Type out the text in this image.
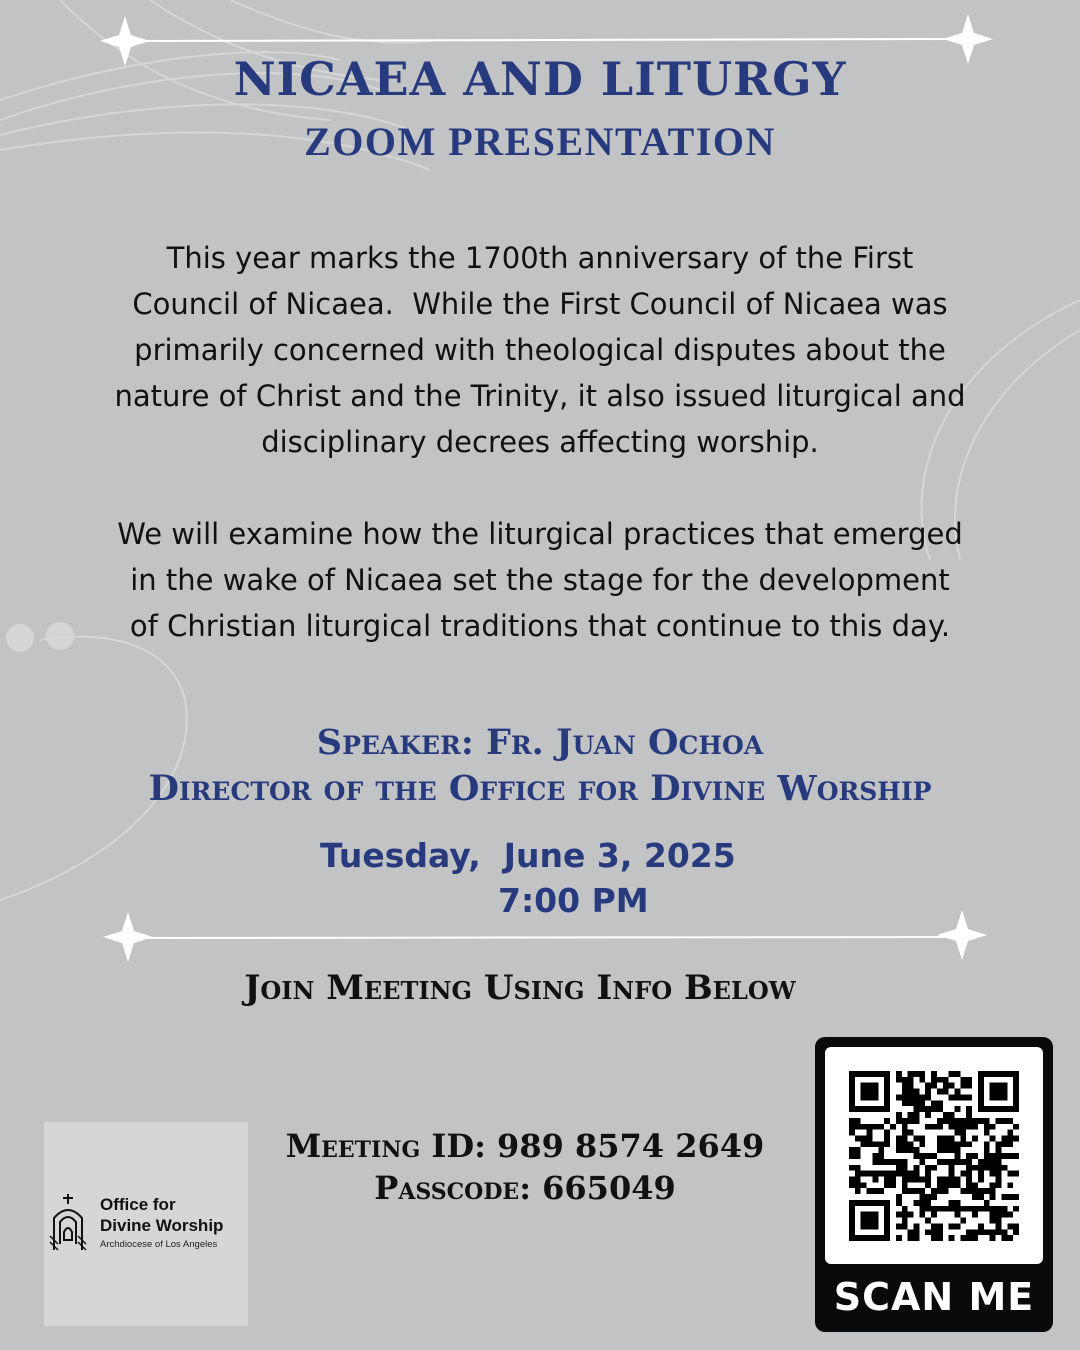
NICAEA AND LITURGY
ZOOM PRESENTATION

This year marks the 1700th anniversary of the First
Council of Nicaea.  While the First Council of Nicaea was
primarily concerned with theological disputes about the
nature of Christ and the Trinity, it also issued liturgical and
disciplinary decrees affecting worship.

We will examine how the liturgical practices that emerged
in the wake of Nicaea set the stage for the development
of Christian liturgical traditions that continue to this day.

Speaker: Fr. Juan Ochoa

Director of the Office for Divine Worship

Tuesday,  June 3, 2025

7:00 PM

Join Meeting Using Info Below

Meeting ID: 989 8574 2649

Passcode: 665049

Office for

Divine Worship

Archdiocese of Los Angeles

SCAN ME
